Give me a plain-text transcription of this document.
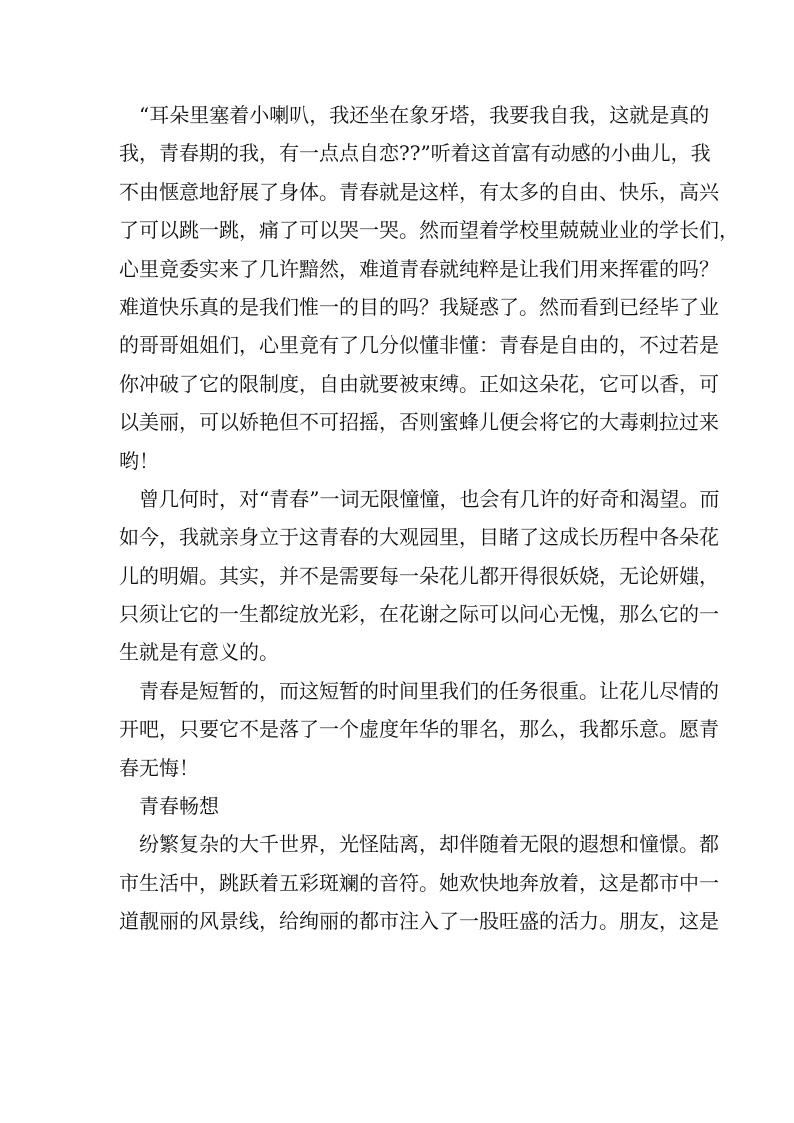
“耳朵里塞着小喇叭，我还坐在象牙塔，我要我自我，这就是真的
我，青春期的我，有一点点自恋??”听着这首富有动感的小曲儿，我
不由惬意地舒展了身体。青春就是这样，有太多的自由、快乐，高兴
了可以跳一跳，痛了可以哭一哭。然而望着学校里兢兢业业的学长们，
心里竟委实来了几许黯然，难道青春就纯粹是让我们用来挥霍的吗？
难道快乐真的是我们惟一的目的吗？我疑惑了。然而看到已经毕了业
的哥哥姐姐们，心里竟有了几分似懂非懂：青春是自由的，不过若是
你冲破了它的限制度，自由就要被束缚。正如这朵花，它可以香，可
以美丽，可以娇艳但不可招摇，否则蜜蜂儿便会将它的大毒刺拉过来
哟！
曾几何时，对“青春”一词无限憧憧，也会有几许的好奇和渴望。而
如今，我就亲身立于这青春的大观园里，目睹了这成长历程中各朵花
儿的明媚。其实，并不是需要每一朵花儿都开得很妖娆，无论妍媸，
只须让它的一生都绽放光彩，在花谢之际可以问心无愧，那么它的一
生就是有意义的。
青春是短暂的，而这短暂的时间里我们的任务很重。让花儿尽情的
开吧，只要它不是落了一个虚度年华的罪名，那么，我都乐意。愿青
春无悔！
青春畅想
纷繁复杂的大千世界，光怪陆离，却伴随着无限的遐想和憧憬。都
市生活中，跳跃着五彩斑斓的音符。她欢快地奔放着，这是都市中一
道靓丽的风景线，给绚丽的都市注入了一股旺盛的活力。朋友，这是
